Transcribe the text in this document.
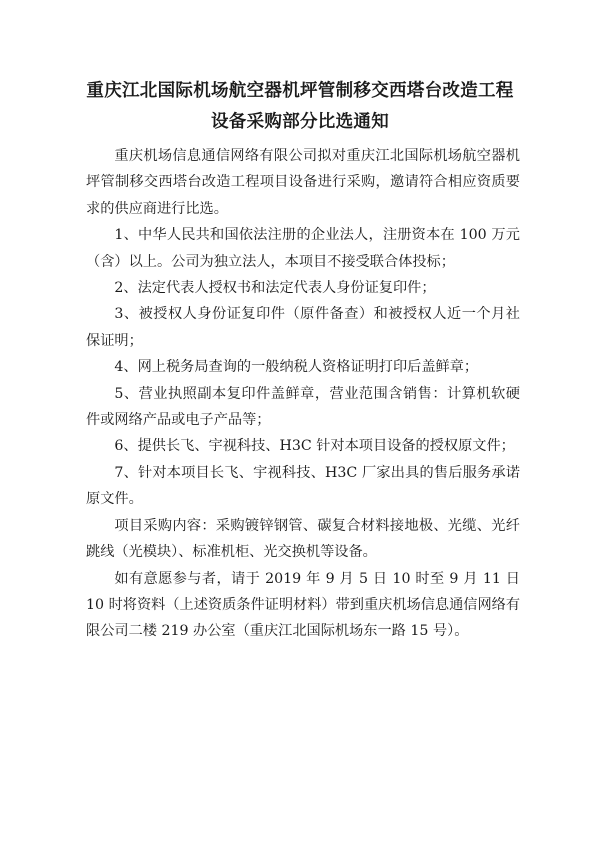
重庆江北国际机场航空器机坪管制移交西塔台改造工程设备采购部分比选通知

重庆机场信息通信网络有限公司拟对重庆江北国际机场航空器机坪管制移交西塔台改造工程项目设备进行采购，邀请符合相应资质要求的供应商进行比选。

1、中华人民共和国依法注册的企业法人，注册资本在 100 万元（含）以上。公司为独立法人，本项目不接受联合体投标；

2、法定代表人授权书和法定代表人身份证复印件；

3、被授权人身份证复印件（原件备查）和被授权人近一个月社保证明；

4、网上税务局查询的一般纳税人资格证明打印后盖鲜章；

5、营业执照副本复印件盖鲜章，营业范围含销售：计算机软硬件或网络产品或电子产品等；

6、提供长飞、宇视科技、H3C 针对本项目设备的授权原文件；

7、针对本项目长飞、宇视科技、H3C 厂家出具的售后服务承诺原文件。

项目采购内容：采购镀锌钢管、碳复合材料接地极、光缆、光纤跳线（光模块）、标准机柜、光交换机等设备。

如有意愿参与者，请于 2019 年 9 月 5 日 10 时至 9 月 11 日 10 时将资料（上述资质条件证明材料）带到重庆机场信息通信网络有限公司二楼 219 办公室（重庆江北国际机场东一路 15 号）。
